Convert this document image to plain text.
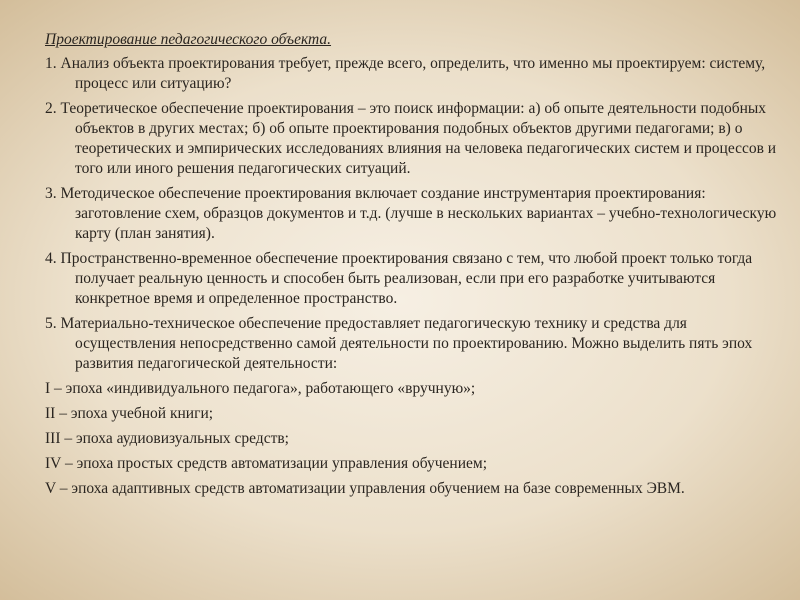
Проектирование педагогического объекта.
1. Анализ объекта проектирования требует, прежде всего, определить, что именно мы проектируем: систему, процесс или ситуацию?
2. Теоретическое обеспечение проектирования – это поиск информации: а) об опыте деятельности подобных объектов в других местах; б) об опыте проектирования подобных объектов другими педагогами; в) о теоретических и эмпирических исследованиях влияния на человека педагогических систем и процессов и того или иного решения педагогических ситуаций.
3. Методическое обеспечение проектирования включает создание инструментария проектирования: заготовление схем, образцов документов и т.д. (лучше в нескольких вариантах – учебно-технологическую карту (план занятия).
4. Пространственно-временное обеспечение проектирования связано с тем, что любой проект только тогда получает реальную ценность и способен быть реализован, если при его разработке учитываются конкретное время и определенное пространство.
5. Материально-техническое обеспечение предоставляет педагогическую технику и средства для осуществления непосредственно самой деятельности по проектированию. Можно выделить пять эпох развития педагогической деятельности:
I – эпоха «индивидуального педагога», работающего «вручную»;
II – эпоха учебной книги;
III – эпоха аудиовизуальных средств;
IV – эпоха простых средств автоматизации управления обучением;
V – эпоха адаптивных средств автоматизации управления обучением на базе современных ЭВМ.
